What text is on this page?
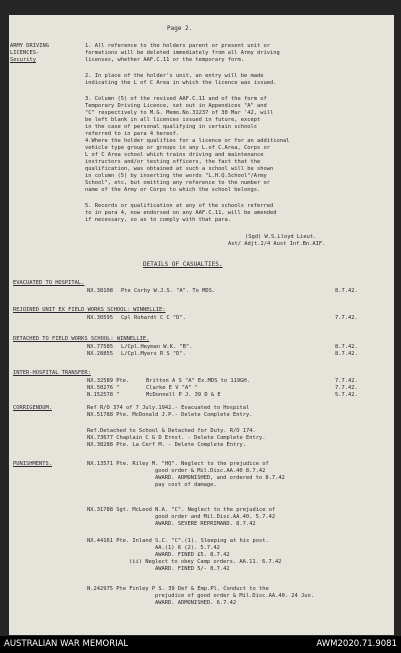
Page 2.
ARMY DRIVING
LICENCES-
Security
1. All reference to the holders parent or present unit or
formations will be deleted immediately from all Army driving
licenses, whether AAF.C.11 or the temporary form.
2. In place of the holder's unit, an entry will be made
indicating the L of C Area in which the licence was issued.
3. Column (5) of the revised AAF.C.11 and of the form of
Temporary Driving Licence, set out in Appendices "A" and
"C" respectively to M.G. Memo.No.31237 of 30 Mar '42, will
be left blank in all licences issued in future, except
in the case of personal qualifying in certain schools
referred to in para 4 hereof.
4.Where the holder qualifies for a licence or for an additional
vehicle type group or groups in any L.of C.Area, Corps or
L of C Area school which trains driving and maintenance
instructors and/or testing officers, the fact that the
qualification, was obtained at such a school will be shown
in column (5) by inserting the words "L.H.Q.School"/Army
School", etc, but omitting any reference to the number or
name of the Army or Corps to which the school belongs.
5. Records or qualification at any of the schools referred
to in para 4, now endorsed on any AAF.C.11, will be amended
if necessary, so as to comply with that para.
(Sgd) W.S.Lloyd Lieut.
Ast/ Adjt.2/4 Aust Inf.Bn.AIF.
DETAILS OF CASUALTIES.
EVACUATED TO HOSPITAL.
NX.38108 Pte Corby W.J.S. "A". To MDS.	8.7.42.
REJOINED UNIT EX FIELD WORKS SCHOOL: WINNELLIE:
NX.30595 Cpl Rohardt C C "D".	7.7.42.
DETACHED TO FIELD WORKS SCHOOL: WINNELLIE.
NX.77585 L/Cpl.Heyman W.K. "B".	8.7.42.
NX.28855 L/Cpl.Myers R S "D".	8.7.42.
INTER-HOSPITAL TRANSFER:
NX.32589 Pte.	Britton A S "A" Ex.MDS to 119GH.	7.7.42.
NX.50276 "	Clarke E V "A" "	7.7.42.
N.152578 "	McDonnell P J. 39 D & E	5.7.42.
CORRIGENDUM.	Ref R/O 374 of 7 July.1942.- Evacuated to Hospital
NX.51788 Pte. McDonald J.P.- Delete Complete Entry.
Ref.Detached to School & Detached for Duty. R/O 174.
NX.73677 Chaplain C G D Ernst. - Delete Complete Entry.
NX.38288 Pte. La Cerf M. - Delete Complete Entry.
PUNISHMENTS.	NX.13571 Pte. Riley M. "HQ". Neglect to the prejudice of
good order & Mil.Disc.AA.40 8.7.42
AWARD. ADMONISHED, and ordered to 8.7.42
pay cost of damage.
NX.31788 Sgt. McLeod N.A. "C". Neglect to the prejudice of
good order and Mil.Disc.AA.40. 5.7.42
AWARD. SEVERE REPRIMAND. 8.7.42
NX.44161 Pte. Inland S.C. "C".(1). Sleeping at his post.
AA.(1) 6 (2). 5.7.42
AWARD. FINED £5. 8.7.42
(ii) Neglect to obey Camp orders. AA.11. 6.7.42
AWARD. FINED 5/- 8.7.42
N.242975 Pte Finley P S. 39 Def & Emp.Pl. Conduct to the
prejudice of good order & Mil.Disc.AA.40. 24 Jun.
AWARD. ADMONISHED. 6.7.42
AUSTRALIAN WAR MEMORIAL	AWM2020.71.9081
